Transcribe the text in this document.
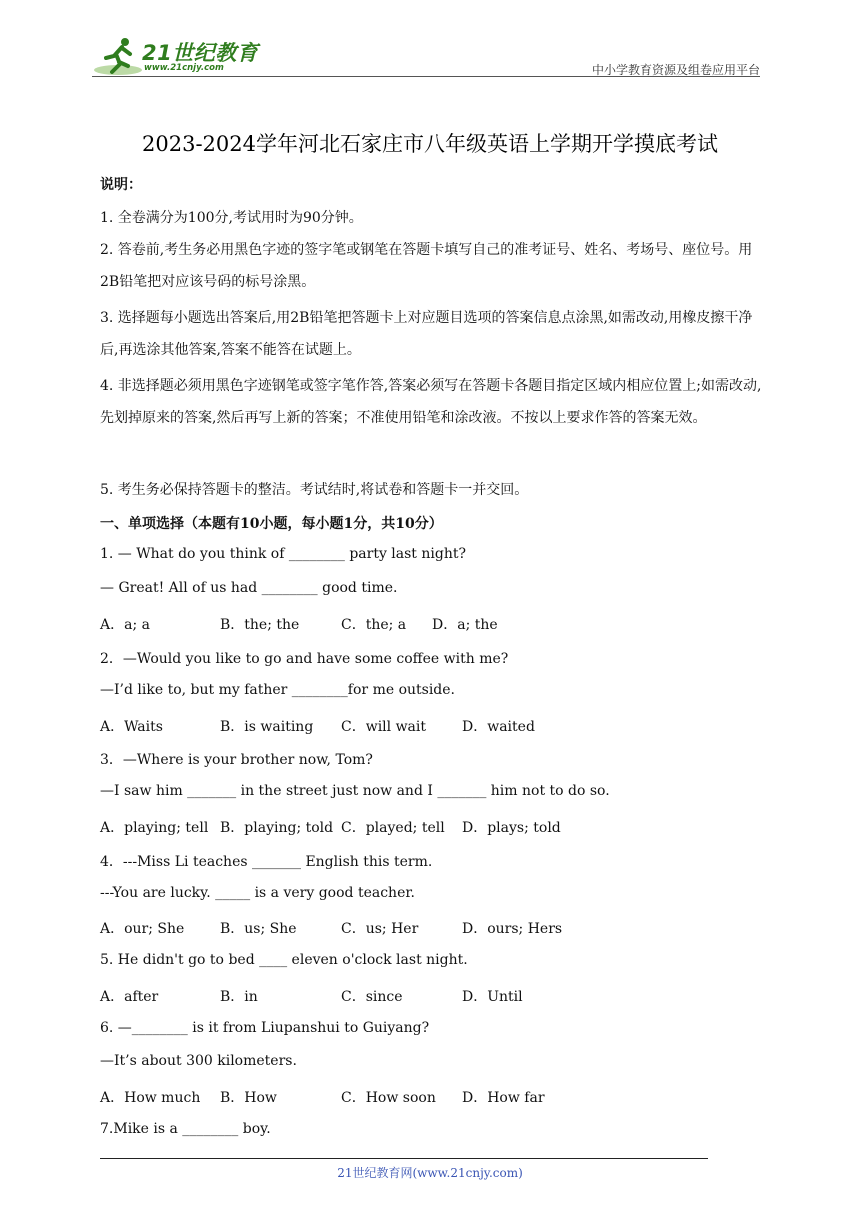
21世纪教育
www.21cnjy.com	中小学教育资源及组卷应用平台
2023-2024学年河北石家庄市八年级英语上学期开学摸底考试
说明：
1. 全卷满分为100分,考试用时为90分钟。
2. 答卷前,考生务必用黑色字迹的签字笔或钢笔在答题卡填写自己的准考证号、姓名、考场号、座位号。用2B铅笔把对应该号码的标号涂黑。
3. 选择题每小题选出答案后,用2B铅笔把答题卡上对应题目选项的答案信息点涂黑,如需改动,用橡皮擦干净后,再选涂其他答案,答案不能答在试题上。
4. 非选择题必须用黑色字迹钢笔或签字笔作答,答案必须写在答题卡各题目指定区域内相应位置上;如需改动,先划掉原来的答案,然后再写上新的答案；不准使用铅笔和涂改液。不按以上要求作答的答案无效。
5. 考生务必保持答题卡的整洁。考试结时,将试卷和答题卡一并交回。
一、单项选择（本题有10小题，每小题1分，共10分）
1. — What do you think of ________ party last night?
— Great! All of us had ________ good time.
A．a; a	B．the; the	C．the; a D．a; the
2．—Would you like to go and have some coffee with me?
—I’d like to, but my father ________for me outside.
A．Waits	B．is waiting C．will wait	D．waited
3．—Where is your brother now, Tom?
—I saw him _______ in the street just now and I _______ him not to do so.
A．playing; tell B．playing; told C．played; tell D．plays; told
4．---Miss Li teaches _______ English this term.
---You are lucky. _____ is a very good teacher.
A．our; She	B．us; She	C．us; Her	D．ours; Hers
5. He didn't go to bed ____ eleven o'clock last night.
A．after	B．in	C．since	D．Until
6. —________ is it from Liupanshui to Guiyang?
—It’s about 300 kilometers.
A．How much B．How	C．How soon D．How far
7.Mike is a ________ boy.
21世纪教育网(www.21cnjy.com)
